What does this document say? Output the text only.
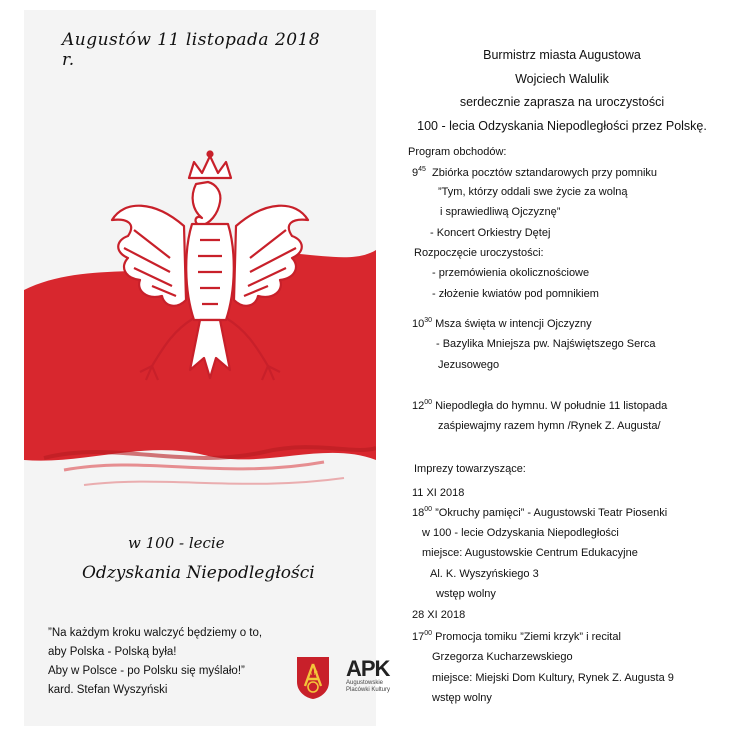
Augustów 11 listopada 2018 r.
w 100 - lecie
Odzyskania Niepodległości
”Na każdym kroku walczyć będziemy o to,
aby Polska - Polską była!
Aby w Polsce - po Polsku się myślało!”
kard. Stefan Wyszyński
A R APK
Augustowskie
Placówki Kultury
Burmistrz miasta Augustowa
Wojciech Walulik
serdecznie zaprasza na uroczystości
100 - lecia Odzyskania Niepodległości przez Polskę.
Program obchodów:
$9^{45}$ Zbiórka pocztów sztandarowych przy pomniku
”Tym, którzy oddali swe życie za wolną
i sprawiedliwą Ojczyznę”
- Koncert Orkiestry Dętej
Rozpoczęcie uroczystości:
- przemówienia okolicznościowe
- złożenie kwiatów pod pomnikiem
$10^{30}$ Msza święta w intencji Ojczyzny
- Bazylika Mniejsza pw. Najświętszego Serca
Jezusowego
$12^{00}$ Niepodległa do hymnu. W południe 11 listopada
zaśpiewajmy razem hymn /Rynek Z. Augusta/
Imprezy towarzyszące:
11 XI 2018
$18^{00}$ ”Okruchy pamięci” - Augustowski Teatr Piosenki
w 100 - lecie Odzyskania Niepodległości
miejsce: Augustowskie Centrum Edukacyjne
Al. K. Wyszyńskiego 3
wstęp wolny
28 XI 2018
$17^{00}$ Promocja tomiku ”Ziemi krzyk” i recital
Grzegorza Kucharzewskiego
miejsce: Miejski Dom Kultury, Rynek Z. Augusta 9
wstęp wolny
